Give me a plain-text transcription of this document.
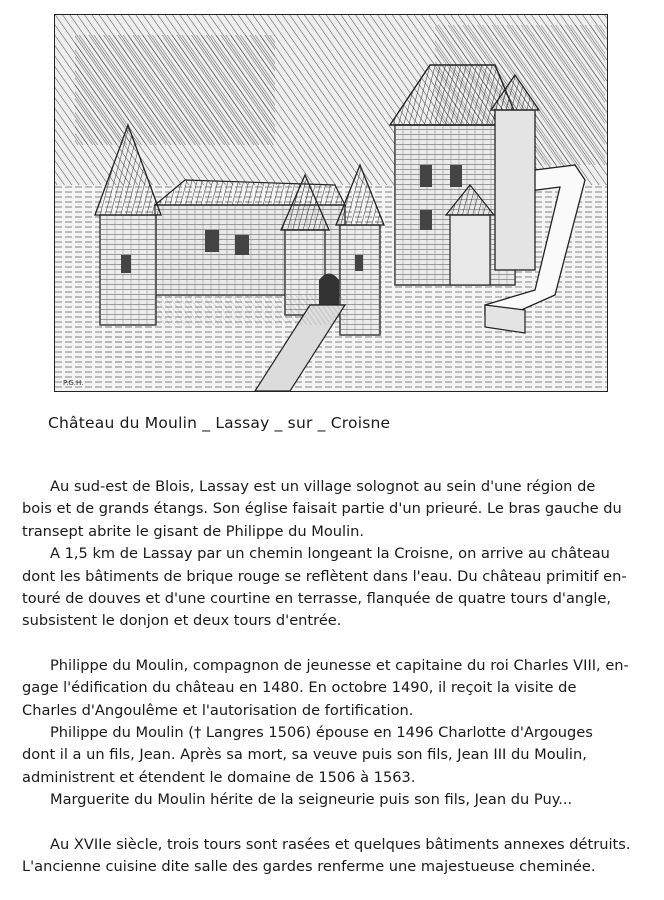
P.G.H.
Château du Moulin _ Lassay _ sur _ Croisne

Au sud-est de Blois, Lassay est un village solognot au sein d'une région de
bois et de grands étangs. Son église faisait partie d'un prieuré. Le bras gauche du
transept abrite le gisant de Philippe du Moulin.

A 1,5 km de Lassay par un chemin longeant la Croisne, on arrive au château
dont les bâtiments de brique rouge se reflètent dans l'eau. Du château primitif en-
touré de douves et d'une courtine en terrasse, flanquée de quatre tours d'angle,
subsistent le donjon et deux tours d'entrée.

Philippe du Moulin, compagnon de jeunesse et capitaine du roi Charles VIII, en-
gage l'édification du château en 1480. En octobre 1490, il reçoit la visite de
Charles d'Angoulême et l'autorisation de fortification.

Philippe du Moulin († Langres 1506) épouse en 1496 Charlotte d'Argouges
dont il a un fils, Jean. Après sa mort, sa veuve puis son fils, Jean III du Moulin,
administrent et étendent le domaine de 1506 à 1563.

Marguerite du Moulin hérite de la seigneurie puis son fils, Jean du Puy...

Au XVIIe siècle, trois tours sont rasées et quelques bâtiments annexes détruits.
L'ancienne cuisine dite salle des gardes renferme une majestueuse cheminée.
